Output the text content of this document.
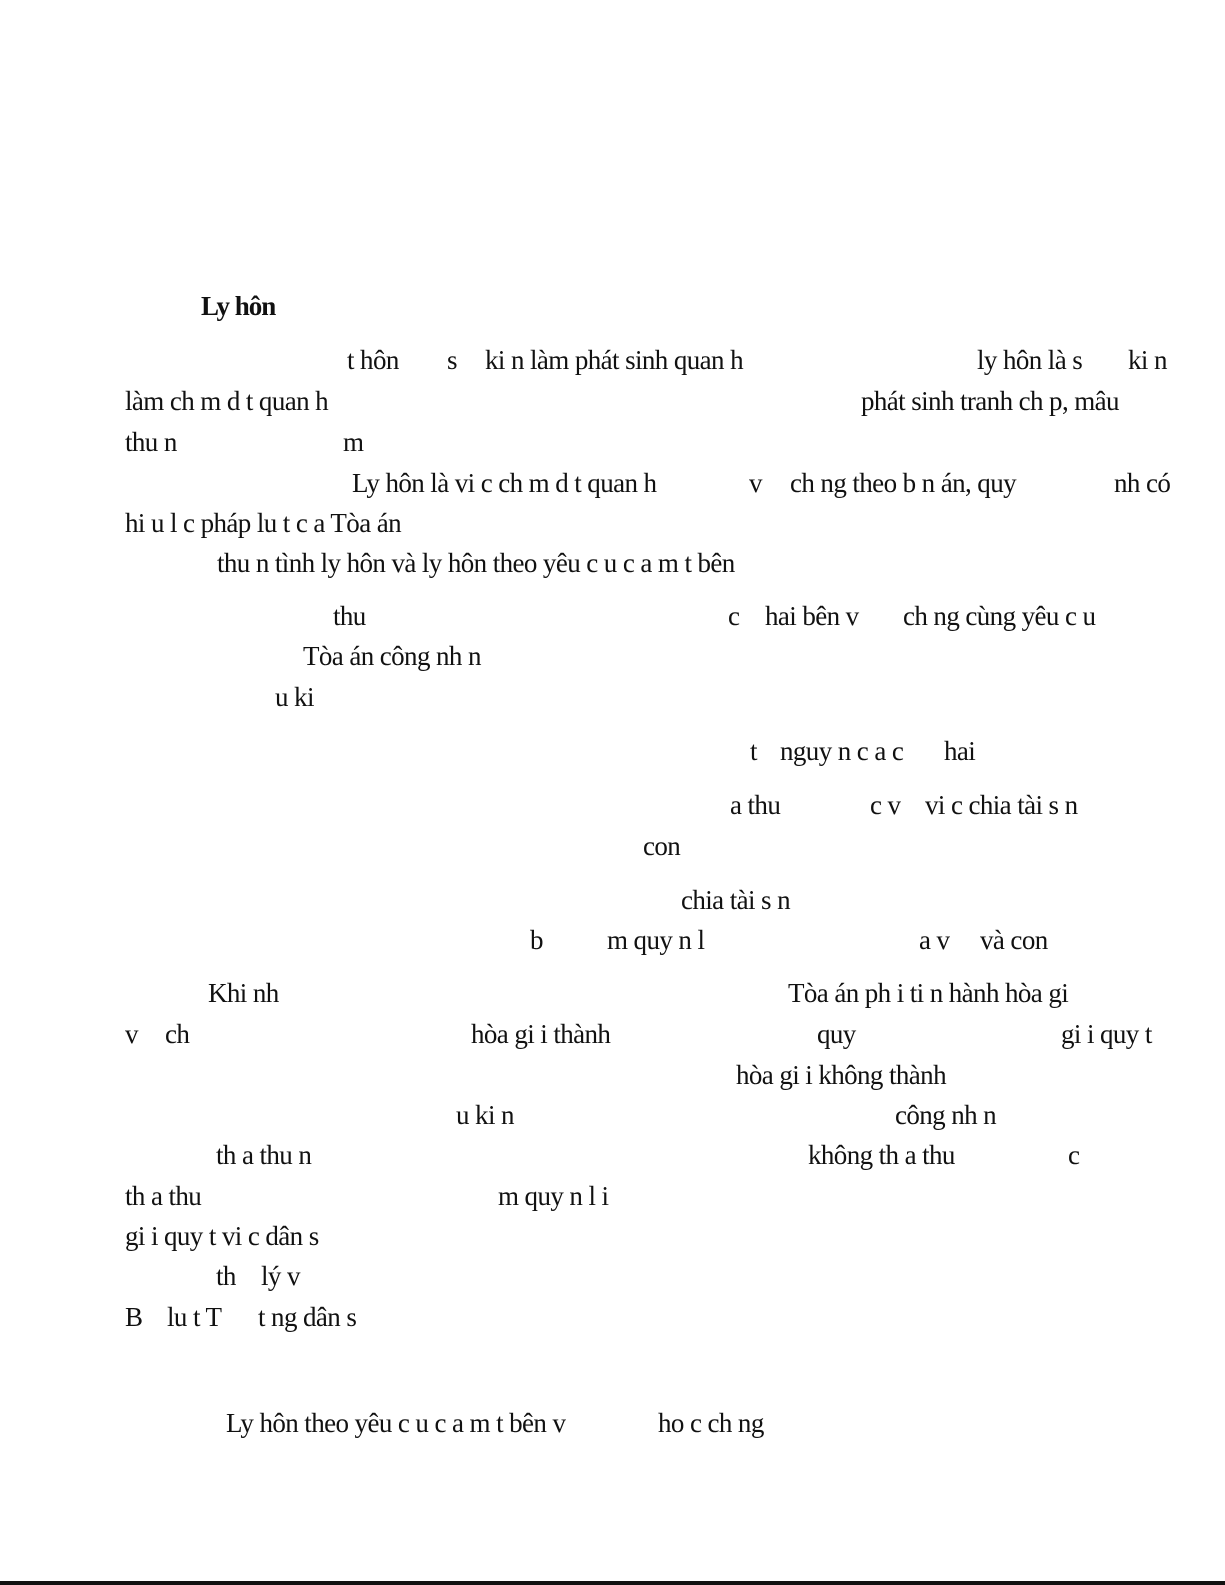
Ly hôn
t hôn s ki n làm phát sinh quan h	ly hôn là s ki n
làm ch m d t quan h	phát sinh tranh ch p, mâu
thu n	m
Ly hôn là vi c ch m d t quan h	v ch ng theo b n án, quy	nh có
hi u l c pháp lu t c a Tòa án
thu n tình ly hôn và ly hôn theo yêu c u c a m t bên
thu	c hai bên v ch ng cùng yêu c u
Tòa án công nh n
u ki
t nguy n c a c hai
a thu	c v vi c chia tài s n
con
chia tài s n
b m quy n l	a v và con
Khi nh	Tòa án ph i ti n hành hòa gi
v ch	hòa gi i thành	quy	gi i quy t
hòa gi i không thành
u ki n	công nh n
th a thu n	không th a thu	c
th a thu	m quy n l i
gi i quy t vi c dân s
th lý v
B lu t T t ng dân s
Ly hôn theo yêu c u c a m t bên v	ho c ch ng
